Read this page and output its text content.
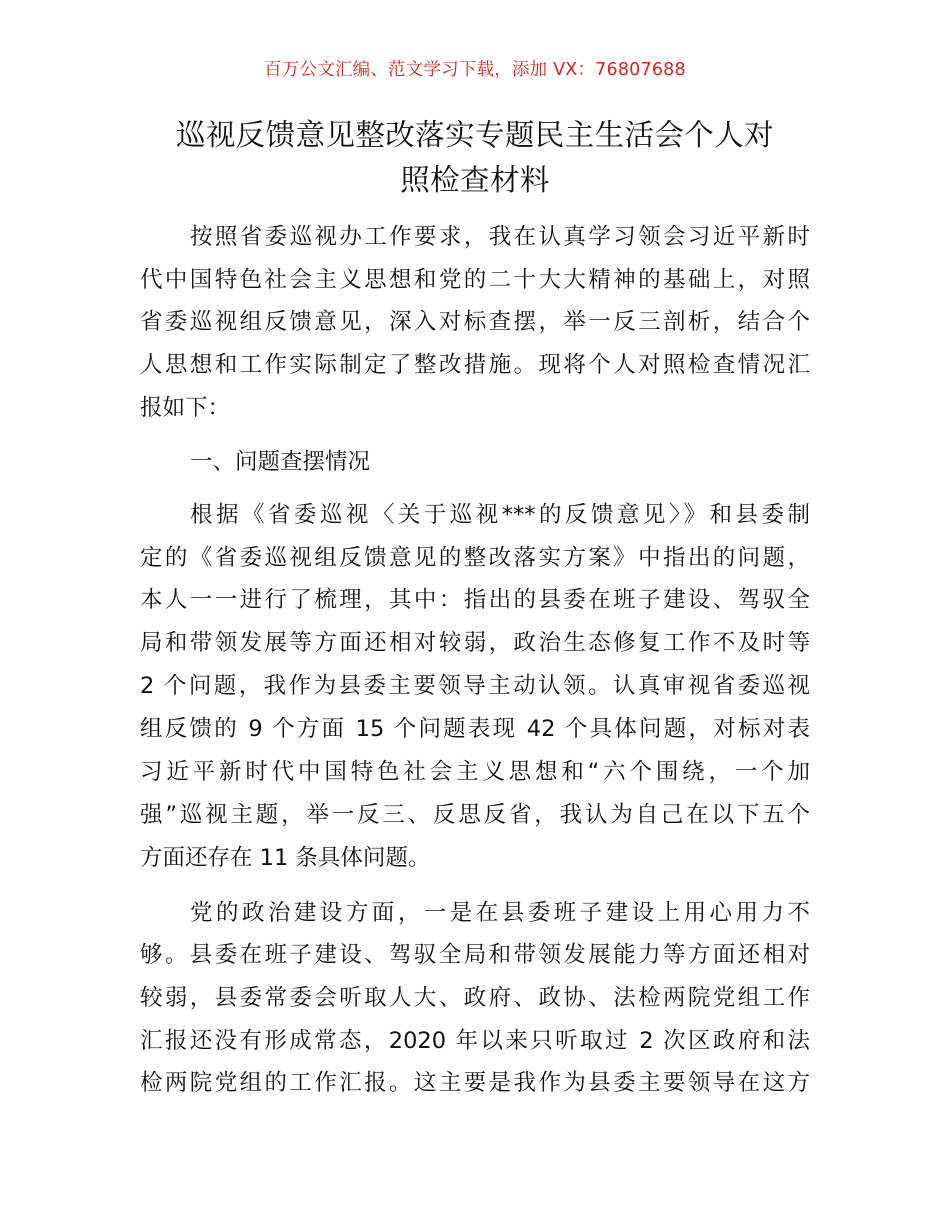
百万公文汇编、范文学习下载，添加 VX：76807688
巡视反馈意见整改落实专题民主生活会个人对
照检查材料
按照省委巡视办工作要求，我在认真学习领会习近平新时
代中国特色社会主义思想和党的二十大大精神的基础上，对照
省委巡视组反馈意见，深入对标查摆，举一反三剖析，结合个
人思想和工作实际制定了整改措施。现将个人对照检查情况汇
报如下：
一、问题查摆情况
根据《省委巡视〈关于巡视***的反馈意见〉》和县委制
定的《省委巡视组反馈意见的整改落实方案》中指出的问题，
本人一一进行了梳理，其中：指出的县委在班子建设、驾驭全
局和带领发展等方面还相对较弱，政治生态修复工作不及时等
2 个问题，我作为县委主要领导主动认领。认真审视省委巡视
组反馈的 9 个方面 15 个问题表现 42 个具体问题，对标对表
习近平新时代中国特色社会主义思想和“六个围绕，一个加
强”巡视主题，举一反三、反思反省，我认为自己在以下五个
方面还存在 11 条具体问题。
党的政治建设方面，一是在县委班子建设上用心用力不
够。县委在班子建设、驾驭全局和带领发展能力等方面还相对
较弱，县委常委会听取人大、政府、政协、法检两院党组工作
汇报还没有形成常态，2020 年以来只听取过 2 次区政府和法
检两院党组的工作汇报。这主要是我作为县委主要领导在这方
